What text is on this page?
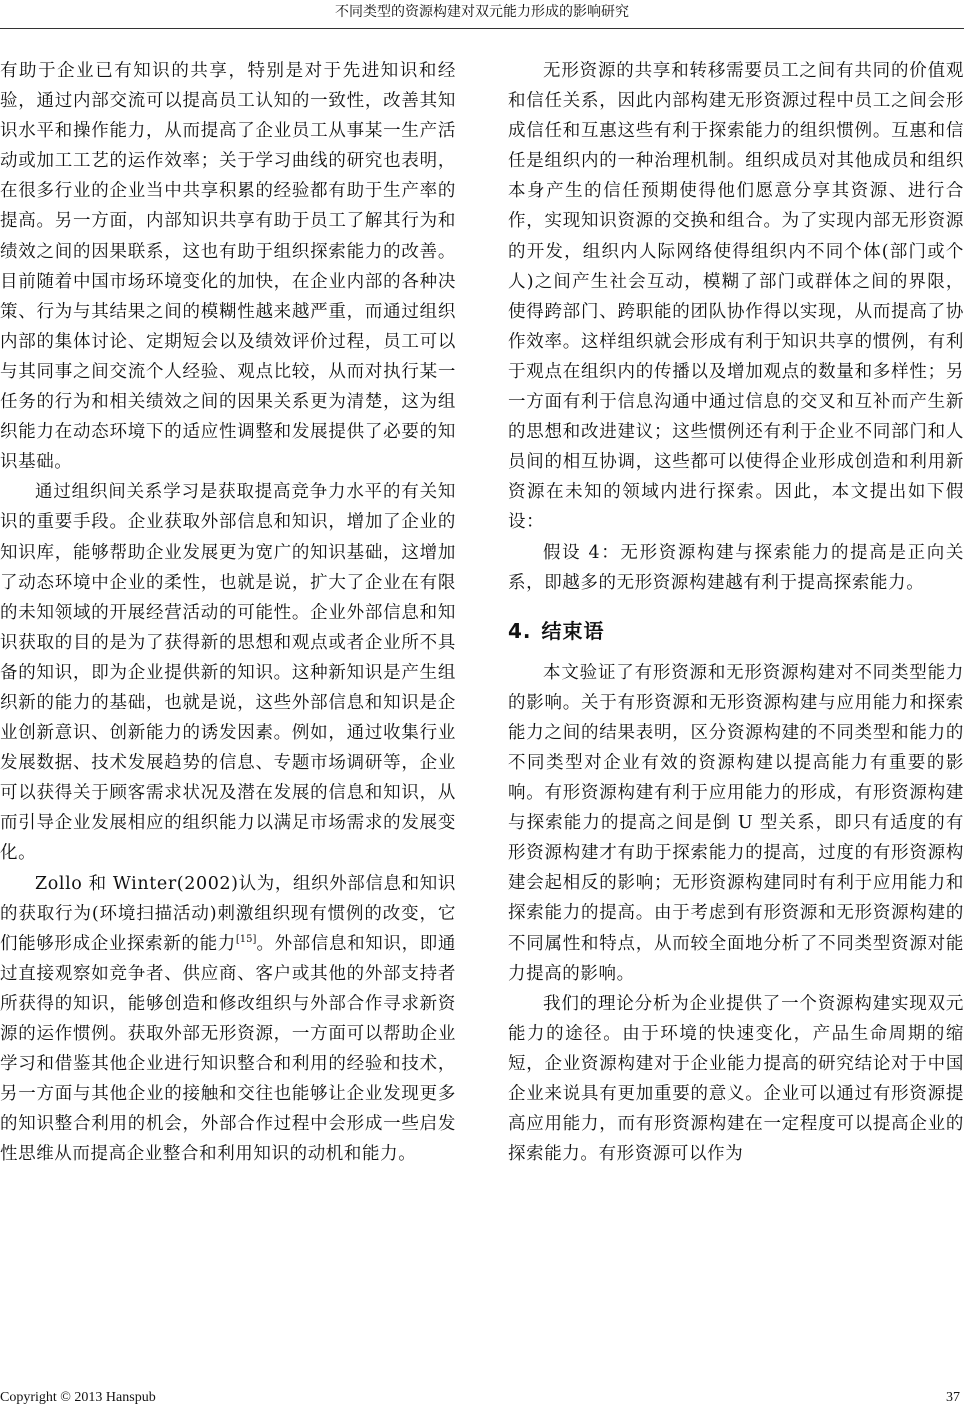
不同类型的资源构建对双元能力形成的影响研究

有助于企业已有知识的共享，特别是对于先进知识和经验，通过内部交流可以提高员工认知的一致性，改善其知识水平和操作能力，从而提高了企业员工从事某一生产活动或加工工艺的运作效率；关于学习曲线的研究也表明，在很多行业的企业当中共享积累的经验都有助于生产率的提高。另一方面，内部知识共享有助于员工了解其行为和绩效之间的因果联系，这也有助于组织探索能力的改善。目前随着中国市场环境变化的加快，在企业内部的各种决策、行为与其结果之间的模糊性越来越严重，而通过组织内部的集体讨论、定期短会以及绩效评价过程，员工可以与其同事之间交流个人经验、观点比较，从而对执行某一任务的行为和相关绩效之间的因果关系更为清楚，这为组织能力在动态环境下的适应性调整和发展提供了必要的知识基础。

通过组织间关系学习是获取提高竞争力水平的有关知识的重要手段。企业获取外部信息和知识，增加了企业的知识库，能够帮助企业发展更为宽广的知识基础，这增加了动态环境中企业的柔性，也就是说，扩大了企业在有限的未知领域的开展经营活动的可能性。企业外部信息和知识获取的目的是为了获得新的思想和观点或者企业所不具备的知识，即为企业提供新的知识。这种新知识是产生组织新的能力的基础，也就是说，这些外部信息和知识是企业创新意识、创新能力的诱发因素。例如，通过收集行业发展数据、技术发展趋势的信息、专题市场调研等，企业可以获得关于顾客需求状况及潜在发展的信息和知识，从而引导企业发展相应的组织能力以满足市场需求的发展变化。

Zollo 和 Winter(2002)认为，组织外部信息和知识的获取行为(环境扫描活动)刺激组织现有惯例的改变，它们能够形成企业探索新的能力[15]。外部信息和知识，即通过直接观察如竞争者、供应商、客户或其他的外部支持者所获得的知识，能够创造和修改组织与外部合作寻求新资源的运作惯例。获取外部无形资源，一方面可以帮助企业学习和借鉴其他企业进行知识整合和利用的经验和技术，另一方面与其他企业的接触和交往也能够让企业发现更多的知识整合利用的机会，外部合作过程中会形成一些启发性思维从而提高企业整合和利用知识的动机和能力。

无形资源的共享和转移需要员工之间有共同的价值观和信任关系，因此内部构建无形资源过程中员工之间会形成信任和互惠这些有利于探索能力的组织惯例。互惠和信任是组织内的一种治理机制。组织成员对其他成员和组织本身产生的信任预期使得他们愿意分享其资源、进行合作，实现知识资源的交换和组合。为了实现内部无形资源的开发，组织内人际网络使得组织内不同个体(部门或个人)之间产生社会互动，模糊了部门或群体之间的界限，使得跨部门、跨职能的团队协作得以实现，从而提高了协作效率。这样组织就会形成有利于知识共享的惯例，有利于观点在组织内的传播以及增加观点的数量和多样性；另一方面有利于信息沟通中通过信息的交叉和互补而产生新的思想和改进建议；这些惯例还有利于企业不同部门和人员间的相互协调，这些都可以使得企业形成创造和利用新资源在未知的领域内进行探索。因此，本文提出如下假设：

假设 4：无形资源构建与探索能力的提高是正向关系，即越多的无形资源构建越有利于提高探索能力。

4. 结束语

本文验证了有形资源和无形资源构建对不同类型能力的影响。关于有形资源和无形资源构建与应用能力和探索能力之间的结果表明，区分资源构建的不同类型和能力的不同类型对企业有效的资源构建以提高能力有重要的影响。有形资源构建有利于应用能力的形成，有形资源构建与探索能力的提高之间是倒 U 型关系，即只有适度的有形资源构建才有助于探索能力的提高，过度的有形资源构建会起相反的影响；无形资源构建同时有利于应用能力和探索能力的提高。由于考虑到有形资源和无形资源构建的不同属性和特点，从而较全面地分析了不同类型资源对能力提高的影响。

我们的理论分析为企业提供了一个资源构建实现双元能力的途径。由于环境的快速变化，产品生命周期的缩短，企业资源构建对于企业能力提高的研究结论对于中国企业来说具有更加重要的意义。企业可以通过有形资源提高应用能力，而有形资源构建在一定程度可以提高企业的探索能力。有形资源可以作为

Copyright © 2013 Hanspub	37
